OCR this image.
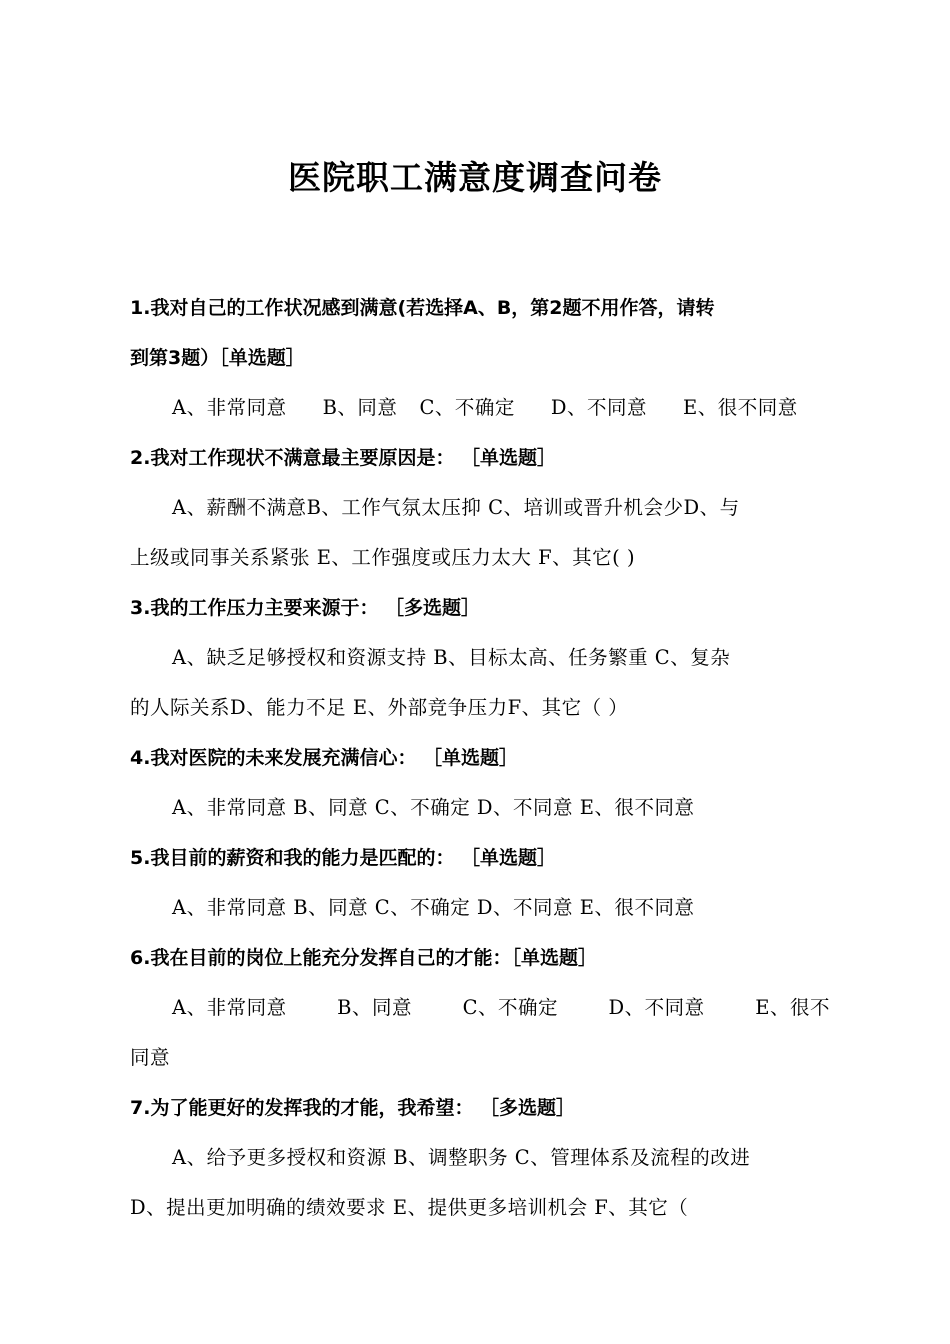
医院职工满意度调查问卷
1.我对自己的工作状况感到满意(若选择A、B，第2题不用作答，请转
到第3题）［单选题］
A、非常同意 B、同意 C、不确定 D、不同意 E、很不同意
2.我对工作现状不满意最主要原因是： ［单选题］
A、薪酬不满意B、工作气氛太压抑 C、培训或晋升机会少D、与
上级或同事关系紧张 E、工作强度或压力太大 F、其它( )
3.我的工作压力主要来源于： ［多选题］
A、缺乏足够授权和资源支持 B、目标太高、任务繁重 C、复杂
的人际关系D、能力不足 E、外部竞争压力F、其它（ ）
4.我对医院的未来发展充满信心： ［单选题］
A、非常同意 B、同意 C、不确定 D、不同意 E、很不同意
5.我目前的薪资和我的能力是匹配的： ［单选题］
A、非常同意 B、同意 C、不确定 D、不同意 E、很不同意
6.我在目前的岗位上能充分发挥自己的才能：［单选题］
A、非常同意	B、同意	C、不确定	D、不同意	E、很不
同意
7.为了能更好的发挥我的才能，我希望： ［多选题］
A、给予更多授权和资源 B、调整职务 C、管理体系及流程的改进
D、提出更加明确的绩效要求 E、提供更多培训机会 F、其它（
